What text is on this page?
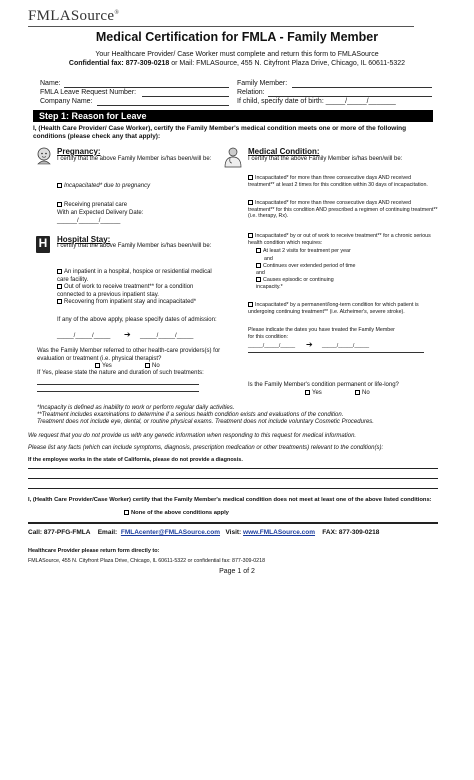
FMLASource®
Medical Certification for FMLA - Family Member
Your Healthcare Provider/ Case Worker must complete and return this form to FMLASource
Confidential fax: 877-309-0218 or Mail: FMLASource, 455 N. Cityfront Plaza Drive, Chicago, IL 60611-5322
Name:
FMLA Leave Request Number:
Company Name:
Family Member:
Relation:
If child, specify date of birth: _____/_____/_______
Step 1: Reason for Leave
I, (Health Care Provider/ Case Worker), certify the Family Member's medical condition meets one or more of the following conditions (please check any that apply):
Pregnancy:
I certify that the above Family Member is/has been/will be:
Incapacitated* due to pregnancy
Receiving prenatal care
With an Expected Delivery Date:
______/______/______
H	Hospital Stay:
I certify that the above Family Member is/has been/will be:
An inpatient in a hospital, hospice or residential medical care facility.
Out of work to receive treatment** for a condition connected to a previous inpatient stay.
Recovering from inpatient stay and incapacitated*
If any of the above apply, please specify dates of admission:
_____/_____/_____ ➔ _____/_____/_____
Medical Condition:
I certify that the above Family Member is/has been/will be:
Incapacitated* for more than three consecutive days AND received treatment** at least 2 times for this condition within 30 days of incapacitation.
Incapacitated* for more than three consecutive days AND received treatment** for this condition AND prescribed a regimen of continuing treatment** (i.e. therapy, Rx).
Incapacitated* by or out of work to receive treatment** for a chronic serious health condition which requires:
At least 2 visits for treatment per year
and
Continues over extended period of time and
Causes episodic or continuing incapacity.*
Incapacitated* by a permanent/long-term condition for which patient is undergoing continuing treatment** (i.e. Alzheimer's, severe stroke).
Please indicate the dates you have treated the Family Member for this condition:
_____/_____/_____ ➔ _____/_____/_____
Was the Family Member referred to other health-care providers(s) for evaluation or treatment (i.e. physical therapist?
Yes	No
If Yes, please state the nature and duration of such treatments:
Is the Family Member's condition permanent or life-long?
Yes	No
*Incapacity is defined as inability to work or perform regular daily activities.
**Treatment includes examinations to determine if a serious health condition exists and evaluations of the condition.
Treatment does not include eye, dental, or routine physical exams. Treatment does not include voluntary Cosmetic Procedures.
We request that you do not provide us with any genetic information when responding to this request for medical information.
Please list any facts (which can include symptoms, diagnosis, prescription medication or other treatments) relevant to the condition(s):
If the employee works in the state of California, please do not provide a diagnosis.
I, (Health Care Provider/Case Worker) certify that the Family Member's medical condition does not meet at least one of the above listed conditions:
None of the above conditions apply
Call: 877-PFG-FMLA Email: FMLAcenter@FMLASource.com Visit: www.FMLASource.com FAX: 877-309-0218
Healthcare Provider please return form directly to:
FMLASource, 455 N. Cityfront Plaza Drive, Chicago, IL 60611-5322 or confidential fax: 877-309-0218
Page 1 of 2
